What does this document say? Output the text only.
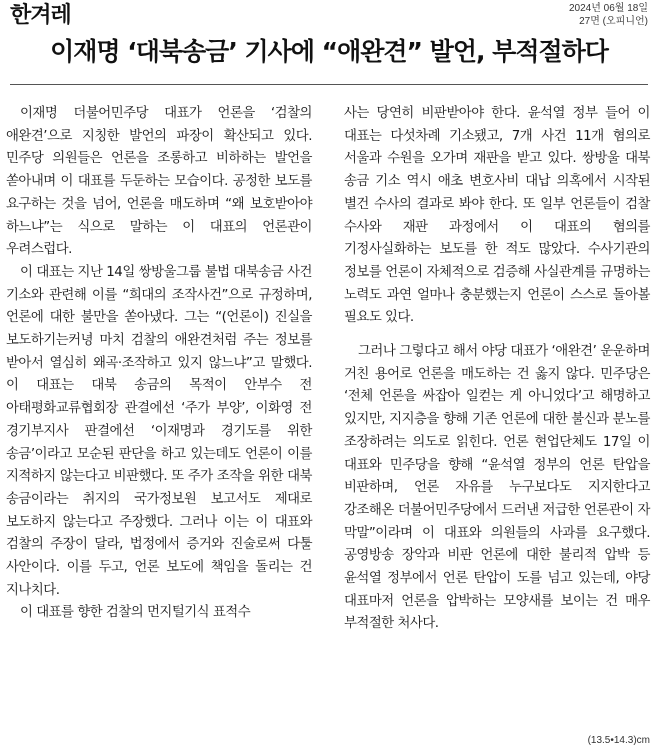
한겨레	2024년 06월 18일
27면 (오피니언)
이재명 ‘대북송금’ 기사에 “애완견” 발언, 부적절하다

이재명 더불어민주당 대표가 언론을 ‘검찰의 애완견’으로 지칭한 발언의 파장이 확산되고 있다. 민주당 의원들은 언론을 조롱하고 비하하는 발언을 쏟아내며 이 대표를 두둔하는 모습이다. 공정한 보도를 요구하는 것을 넘어, 언론을 매도하며 “왜 보호받아야 하느냐”는 식으로 말하는 이 대표의 언론관이 우려스럽다.

이 대표는 지난 14일 쌍방울그룹 불법 대북송금 사건 기소와 관련해 이를 “희대의 조작사건”으로 규정하며, 언론에 대한 불만을 쏟아냈다. 그는 “(언론이) 진실을 보도하기는커녕 마치 검찰의 애완견처럼 주는 정보를 받아서 열심히 왜곡·조작하고 있지 않느냐”고 말했다. 이 대표는 대북 송금의 목적이 안부수 전 아태평화교류협회장 관결에선 ‘주가 부양’, 이화영 전 경기부지사 판결에선 ‘이재명과 경기도를 위한 송금’이라고 모순된 판단을 하고 있는데도 언론이 이를 지적하지 않는다고 비판했다. 또 주가 조작을 위한 대북 송금이라는 취지의 국가정보원 보고서도 제대로 보도하지 않는다고 주장했다. 그러나 이는 이 대표와 검찰의 주장이 달라, 법정에서 증거와 진술로써 다툴 사안이다. 이를 두고, 언론 보도에 책임을 돌리는 건 지나치다.

이 대표를 향한 검찰의 먼지털기식 표적수

사는 당연히 비판받아야 한다. 윤석열 정부 들어 이 대표는 다섯차례 기소됐고, 7개 사건 11개 혐의로 서울과 수원을 오가며 재판을 받고 있다. 쌍방울 대북 송금 기소 역시 애초 변호사비 대납 의혹에서 시작된 별건 수사의 결과로 봐야 한다. 또 일부 언론들이 검찰 수사와 재판 과정에서 이 대표의 혐의를 기정사실화하는 보도를 한 적도 많았다. 수사기관의 정보를 언론이 자체적으로 검증해 사실관계를 규명하는 노력도 과연 얼마나 충분했는지 언론이 스스로 돌아볼 필요도 있다.

그러나 그렇다고 해서 야당 대표가 ‘애완견’ 운운하며 거친 용어로 언론을 매도하는 건 옳지 않다. 민주당은 ‘전체 언론을 싸잡아 일컫는 게 아니었다’고 해명하고 있지만, 지지층을 향해 기존 언론에 대한 불신과 분노를 조장하려는 의도로 읽힌다. 언론 현업단체도 17일 이 대표와 민주당을 향해 “윤석열 정부의 언론 탄압을 비판하며, 언론 자유를 누구보다도 지지한다고 강조해온 더불어민주당에서 드러낸 저급한 언론관이 자 막말”이라며 이 대표와 의원들의 사과를 요구했다. 공영방송 장악과 비판 언론에 대한 불리적 압박 등 윤석열 정부에서 언론 탄압이 도를 넘고 있는데, 야당 대표마저 언론을 압박하는 모양새를 보이는 건 매우 부적절한 처사다.

(13.5•14.3)cm
